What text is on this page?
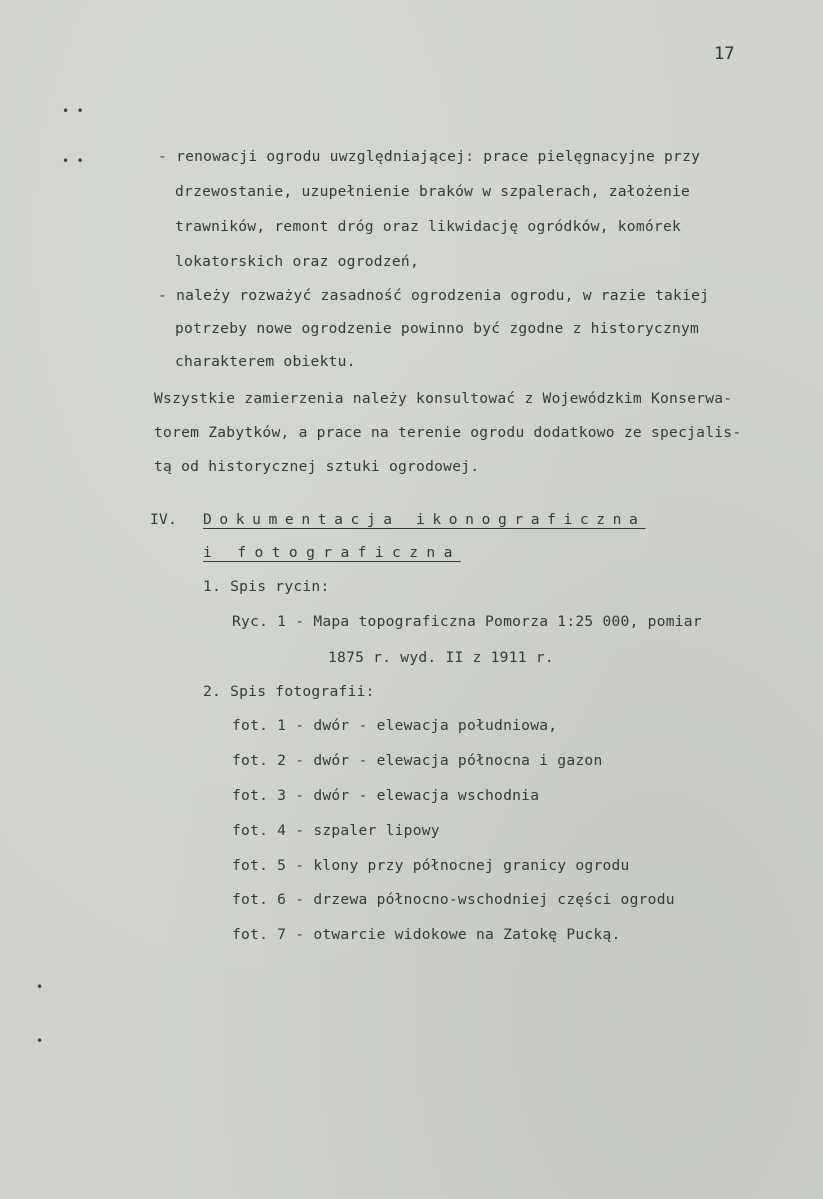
17
• •
• •
•
•
- renowacji ogrodu uwzględniającej: prace pielęgnacyjne przy
drzewostanie, uzupełnienie braków w szpalerach, założenie
trawników, remont dróg oraz likwidację ogródków, komórek
lokatorskich oraz ogrodzeń,
- należy rozważyć zasadność ogrodzenia ogrodu, w razie takiej
potrzeby nowe ogrodzenie powinno być zgodne z historycznym
charakterem obiektu.
Wszystkie zamierzenia należy konsultować z Wojewódzkim Konserwa-
torem Zabytków, a prace na terenie ogrodu dodatkowo ze specjalis-
tą od historycznej sztuki ogrodowej.
IV. Dokumentacja ikonograficzna
i fotograficzna
1. Spis rycin:
Ryc. 1 - Mapa topograficzna Pomorza 1:25 000, pomiar
1875 r. wyd. II z 1911 r.
2. Spis fotografii:
fot. 1 - dwór - elewacja południowa,
fot. 2 - dwór - elewacja północna i gazon
fot. 3 - dwór - elewacja wschodnia
fot. 4 - szpaler lipowy
fot. 5 - klony przy północnej granicy ogrodu
fot. 6 - drzewa północno-wschodniej części ogrodu
fot. 7 - otwarcie widokowe na Zatokę Pucką.
